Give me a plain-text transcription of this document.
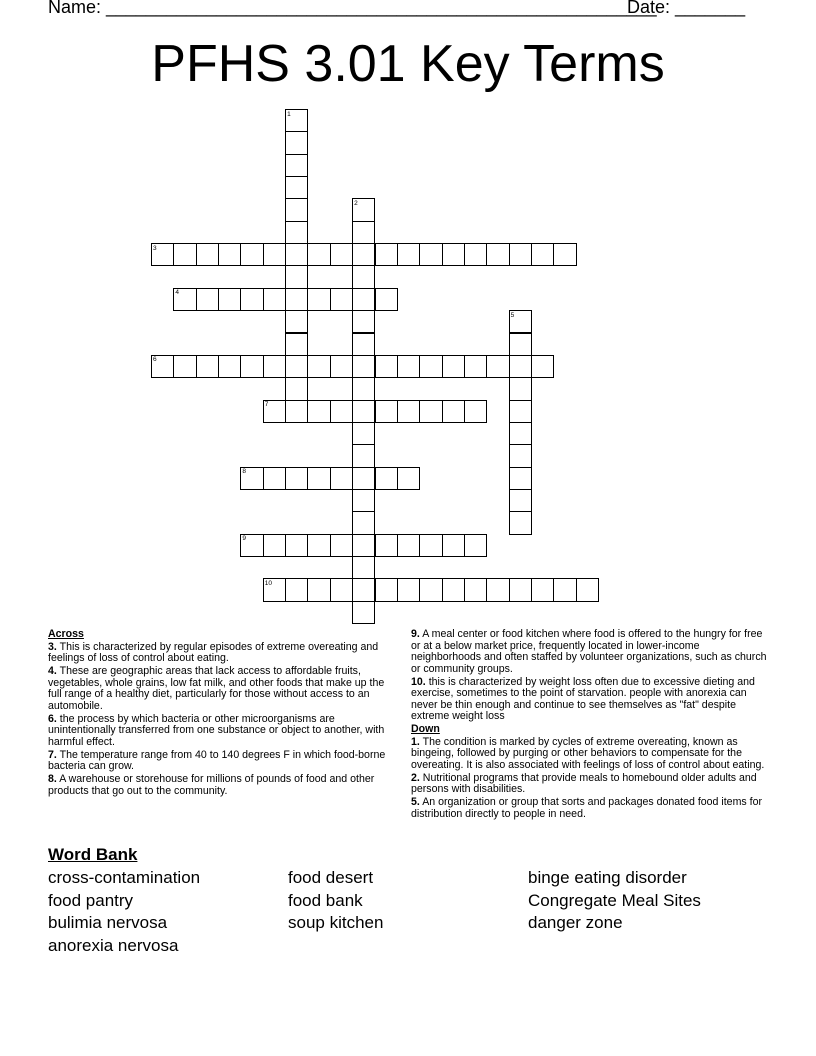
Name: _______________________________________________________
Date: _______
PFHS 3.01 Key Terms
1
2
3
4
5
6
7
8
9
10
Across
3. This is characterized by regular episodes of extreme overeating and feelings of loss of control about eating.
4. These are geographic areas that lack access to affordable fruits, vegetables, whole grains, low fat milk, and other foods that make up the full range of a healthy diet, particularly for those without access to an automobile.
6. the process by which bacteria or other microorganisms are unintentionally transferred from one substance or object to another, with harmful effect.
7. The temperature range from 40 to 140 degrees F in which food-borne bacteria can grow.
8. A warehouse or storehouse for millions of pounds of food and other products that go out to the community.
9. A meal center or food kitchen where food is offered to the hungry for free or at a below market price, frequently located in lower-income neighborhoods and often staffed by volunteer organizations, such as church or community groups.
10. this is characterized by weight loss often due to excessive dieting and exercise, sometimes to the point of starvation. people with anorexia can never be thin enough and continue to see themselves as "fat" despite extreme weight loss
Down
1. The condition is marked by cycles of extreme overeating, known as bingeing, followed by purging or other behaviors to compensate for the overeating. It is also associated with feelings of loss of control about eating.
2. Nutritional programs that provide meals to homebound older adults and persons with disabilities.
5. An organization or group that sorts and packages donated food items for distribution directly to people in need.
Word Bank
cross-contamination	food desert	binge eating disorder
food pantry	food bank	Congregate Meal Sites
bulimia nervosa	soup kitchen	danger zone
anorexia nervosa
